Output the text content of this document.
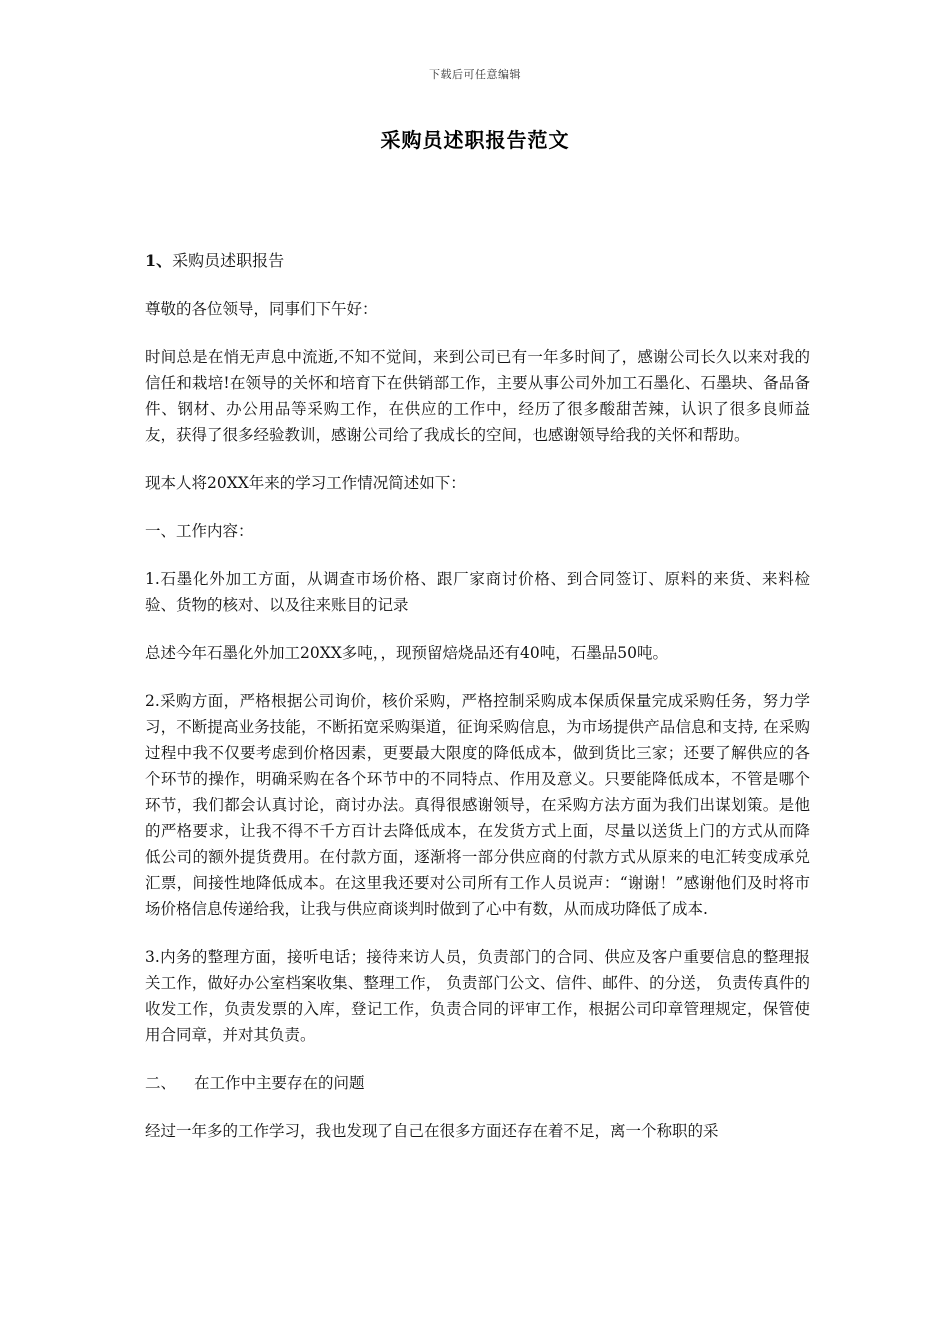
下载后可任意编辑
采购员述职报告范文

1、采购员述职报告

尊敬的各位领导，同事们下午好：

时间总是在悄无声息中流逝,不知不觉间，来到公司已有一年多时间了，感谢公司长久以来对我的信任和栽培!在领导的关怀和培育下在供销部工作，主要从事公司外加工石墨化、石墨块、备品备件、钢材、办公用品等采购工作，在供应的工作中，经历了很多酸甜苦辣，认识了很多良师益友，获得了很多经验教训，感谢公司给了我成长的空间，也感谢领导给我的关怀和帮助。

现本人将20XX年来的学习工作情况简述如下：

一、工作内容：

1.石墨化外加工方面，从调查市场价格、跟厂家商讨价格、到合同签订、原料的来货、来料检验、货物的核对、以及往来账目的记录

总述今年石墨化外加工20XX多吨，，现预留焙烧品还有40吨，石墨品50吨。

2.采购方面，严格根据公司询价，核价采购，严格控制采购成本保质保量完成采购任务，努力学习，不断提高业务技能，不断拓宽采购渠道，征询采购信息，为市场提供产品信息和支持, 在采购过程中我不仅要考虑到价格因素，更要最大限度的降低成本，做到货比三家；还要了解供应的各个环节的操作，明确采购在各个环节中的不同特点、作用及意义。只要能降低成本，不管是哪个环节，我们都会认真讨论，商讨办法。真得很感谢领导，在采购方法方面为我们出谋划策。是他的严格要求，让我不得不千方百计去降低成本，在发货方式上面，尽量以送货上门的方式从而降低公司的额外提货费用。在付款方面，逐渐将一部分供应商的付款方式从原来的电汇转变成承兑汇票，间接性地降低成本。在这里我还要对公司所有工作人员说声：“谢谢！”感谢他们及时将市场价格信息传递给我，让我与供应商谈判时做到了心中有数，从而成功降低了成本.

3.内务的整理方面，接听电话；接待来访人员，负责部门的合同、供应及客户重要信息的整理报关工作，做好办公室档案收集、整理工作， 负责部门公文、信件、邮件、的分送， 负责传真件的收发工作，负责发票的入库，登记工作，负责合同的评审工作，根据公司印章管理规定，保管使用合同章，并对其负责。

二、 在工作中主要存在的问题

经过一年多的工作学习，我也发现了自己在很多方面还存在着不足，离一个称职的采
